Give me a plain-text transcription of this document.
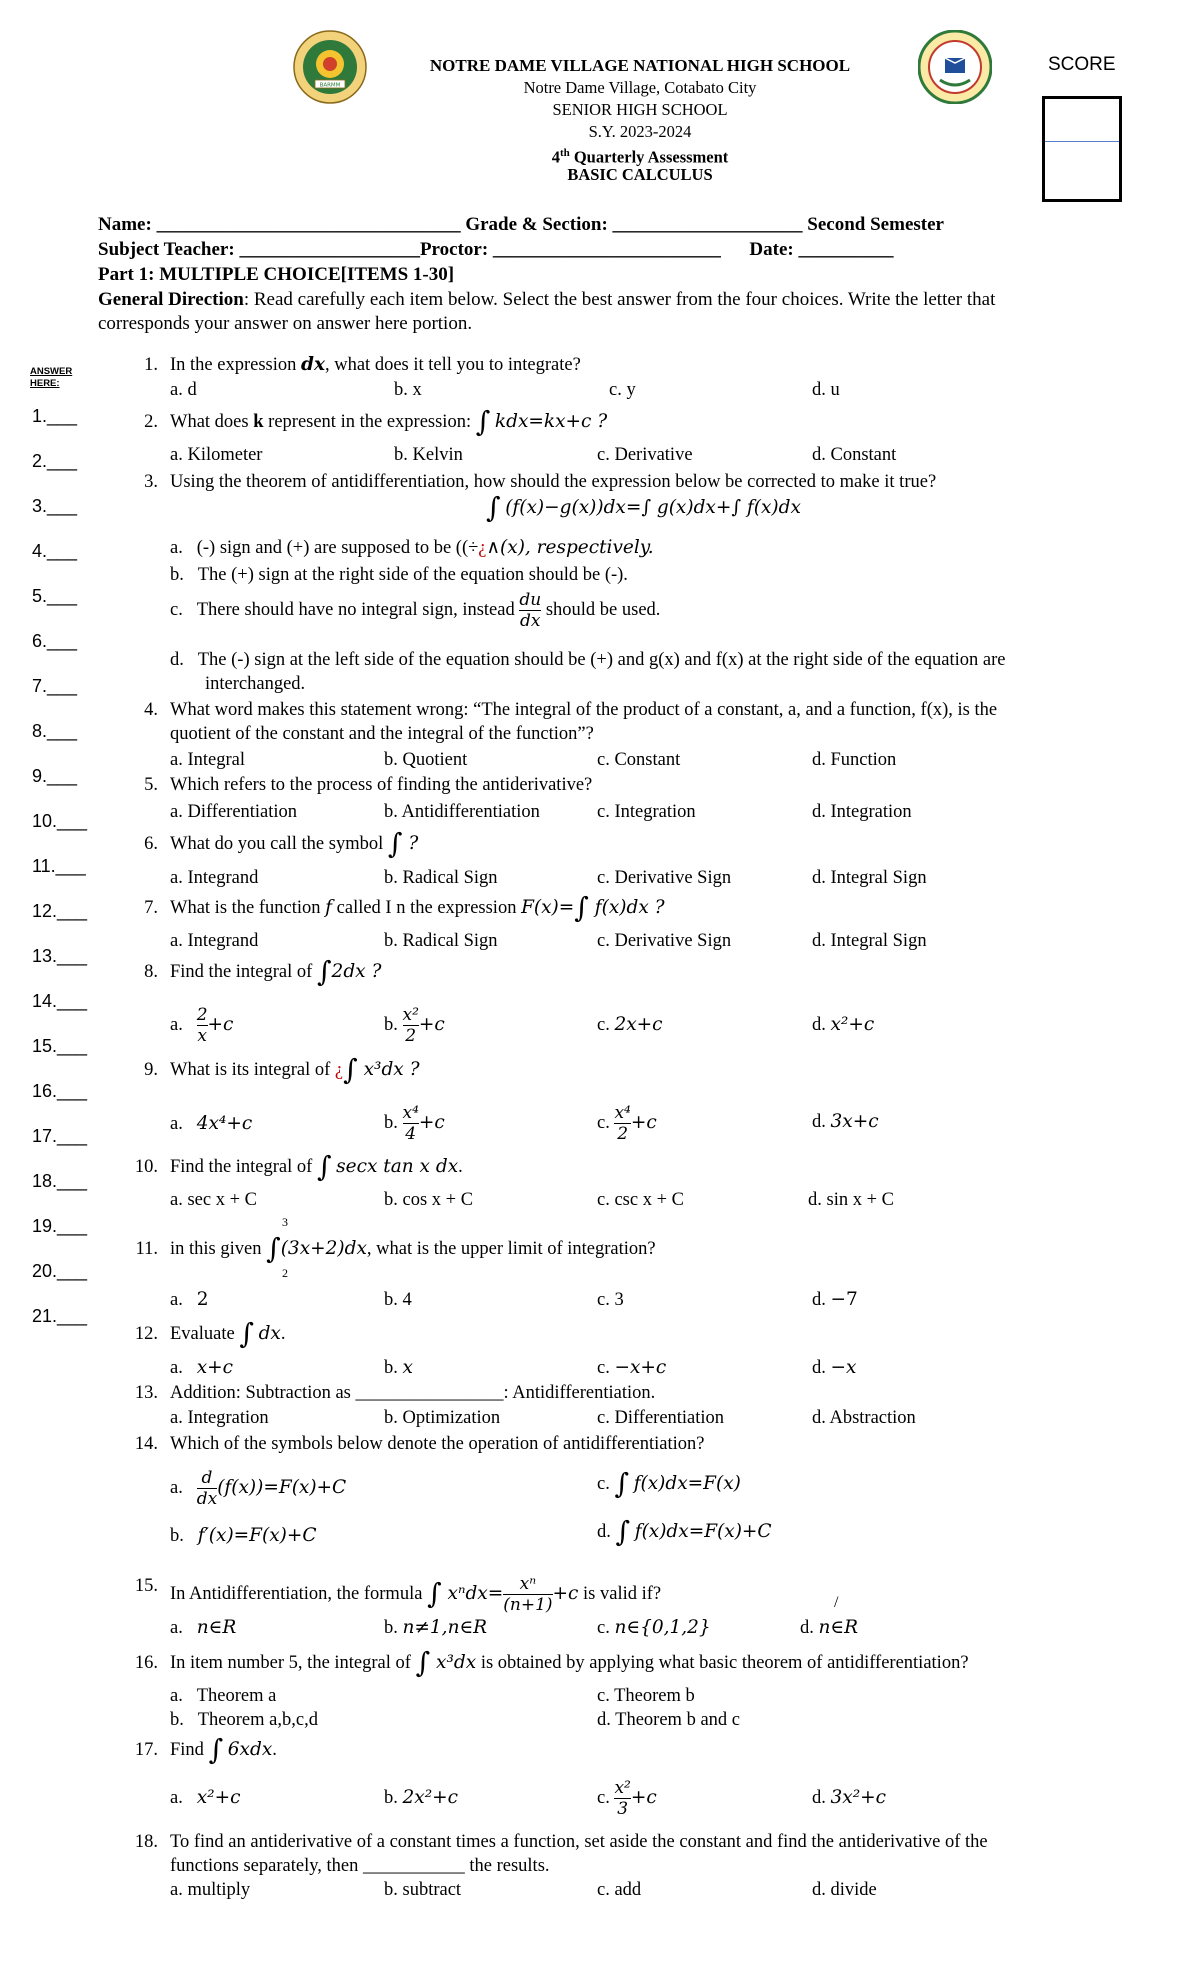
BARMM
NOTRE DAME VILLAGE NATIONAL HIGH SCHOOL
Notre Dame Village, Cotabato City
SENIOR HIGH SCHOOL
S.Y. 2023-2024
4th Quarterly Assessment
BASIC CALCULUS
SCORE
Name: ________________________________ Grade & Section: ____________________ Second Semester
Subject Teacher: ___________________Proctor: ________________________      Date: __________
Part 1: MULTIPLE CHOICE[ITEMS 1-30]
General Direction: Read carefully each item below. Select the best answer from the four choices. Write the letter that
corresponds your answer on answer here portion.
ANSWER
HERE:
1.___
2.___
3.___
4.___
5.___
6.___
7.___
8.___
9.___
10.___
11.___
12.___
13.___
14.___
15.___
16.___
17.___
18.___
19.___
20.___
21.___
1. In the expression dx, what does it tell you to integrate?
a. d	b. x	c. y	d. u
2. What does k represent in the expression: ∫ kdx=kx+c ?
a. Kilometer	b. Kelvin	c. Derivative	d. Constant
3. Using the theorem of antidifferentiation, how should the expression below be corrected to make it true?
∫ (f(x)−g(x))dx=∫ g(x)dx+∫ f(x)dx
a. (-) sign and (+) are supposed to be ((÷¿∧(x), respectively.
b. The (+) sign at the right side of the equation should be (-).
c. There should have no integral sign, instead $\frac{du}{dx}$ should be used.
d. The (-) sign at the left side of the equation should be (+) and g(x) and f(x) at the right side of the equation are
interchanged.
4. What word makes this statement wrong: “The integral of the product of a constant, a, and a function, f(x), is the
quotient of the constant and the integral of the function”?
a. Integral	b. Quotient	c. Constant	d. Function
5. Which refers to the process of finding the antiderivative?
a. Differentiation	b. Antidifferentiation	c. Integration	d. Integration
6. What do you call the symbol ∫ ?
a. Integrand	b. Radical Sign	c. Derivative Sign	d. Integral Sign
7. What is the function f called I n the expression F(x)=∫ f(x)dx ?
a. Integrand	b. Radical Sign	c. Derivative Sign	d. Integral Sign
8. Find the integral of ∫2dx ?
a. $\frac{2}{x} +c$	b. $\frac{\text{x²}}{2} +c$	c. 2x+c	d. x²+c
9. What is its integral of ¿∫ x³dx ?
a. 4x⁴+c	b. $\frac{\text{x⁴}}{4} +c$	c. $\frac{\text{x⁴}}{2} +c$	d. 3x+c
10. Find the integral of ∫ secx tan x dx.
a. sec x + C	b. cos x + C	c. csc x + C	d. sin x + C
11. in this given ∫(3x+2)dx, what is the upper limit of integration?
3
2
a. 2	b. 4	c. 3	d. −7
12. Evaluate ∫ dx.
a. x+c	b. x	c. −x+c	d. −x
13. Addition: Subtraction as ________________: Antidifferentiation.
a. Integration	b. Optimization	c. Differentiation	d. Abstraction
14. Which of the symbols below denote the operation of antidifferentiation?
a. $\frac{d}{dx} (f(x))=F(x)+C$	c. ∫ f(x)dx=F(x)
b. f′(x)=F(x)+C	d. ∫ f(x)dx=F(x)+C
15. In Antidifferentiation, the formula ∫ $x^ndx= \frac{\text{xⁿ}}{(n+1)} +c$ is valid if?	/
a. n∈R	b. n≠1,n∈R	c. n∈{0,1,2}	d. n∈R
16. In item number 5, the integral of ∫ x³dx is obtained by applying what basic theorem of antidifferentiation?
a. Theorem a	c. Theorem b
b. Theorem a,b,c,d	d. Theorem b and c
17. Find ∫ 6xdx.
a. x²+c	b. 2x²+c	c. $\frac{\text{x²}}{3} +c$	d. 3x²+c
18. To find an antiderivative of a constant times a function, set aside the constant and find the antiderivative of the
functions separately, then ___________ the results.
a. multiply	b. subtract	c. add	d. divide
